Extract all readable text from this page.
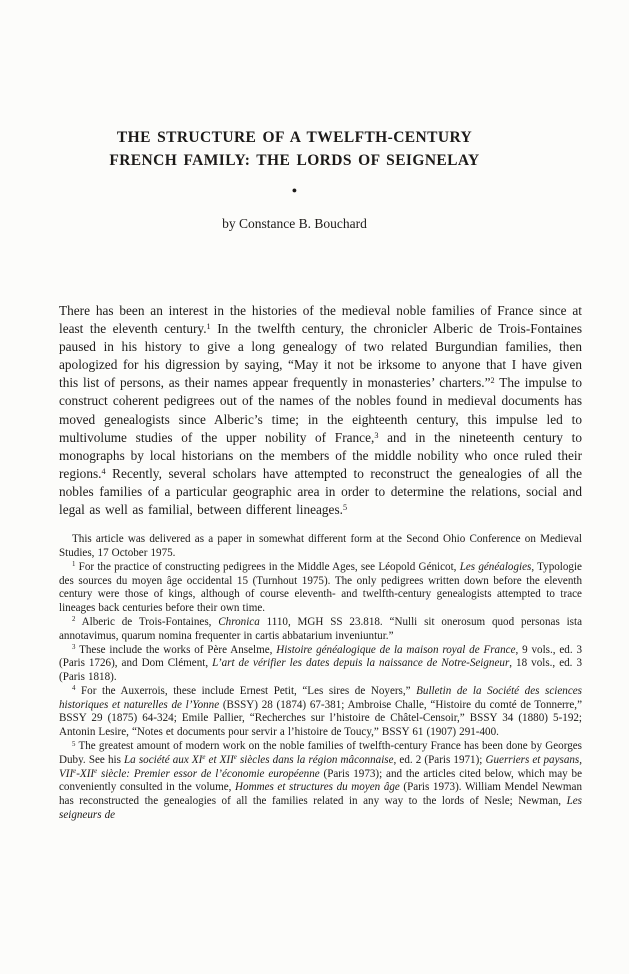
THE STRUCTURE OF A TWELFTH-CENTURY
FRENCH FAMILY: THE LORDS OF SEIGNELAY
●
by Constance B. Bouchard

There has been an interest in the histories of the medieval noble families of France since at least the eleventh century.$^1$ In the twelfth century, the chronicler Alberic de Trois-Fontaines paused in his history to give a long genealogy of two related Burgundian families, then apologized for his digression by saying, “May it not be irksome to anyone that I have given this list of persons, as their names appear frequently in monasteries’ charters.”$^2$ The impulse to construct coherent pedigrees out of the names of the nobles found in medieval documents has moved genealogists since Alberic’s time; in the eighteenth century, this impulse led to multivolume studies of the upper nobility of France,$^3$ and in the nineteenth century to monographs by local historians on the members of the middle nobility who once ruled their regions.$^4$ Recently, several scholars have attempted to reconstruct the genealogies of all the nobles families of a particular geographic area in order to determine the relations, social and legal as well as familial, between different lineages.$^5$

This article was delivered as a paper in somewhat different form at the Second Ohio Conference on Medieval Studies, 17 October 1975.

$^1$ For the practice of constructing pedigrees in the Middle Ages, see Léopold Génicot, Les généalogies, Typologie des sources du moyen âge occidental 15 (Turnhout 1975). The only pedigrees written down before the eleventh century were those of kings, although of course eleventh- and twelfth-century genealogists attempted to trace lineages back centuries before their own time.

$^2$ Alberic de Trois-Fontaines, Chronica 1110, MGH SS 23.818. “Nulli sit onerosum quod personas ista annotavimus, quarum nomina frequenter in cartis abbatarium inveniuntur.”

$^3$ These include the works of Père Anselme, Histoire généalogique de la maison royal de France, 9 vols., ed. 3 (Paris 1726), and Dom Clément, L’art de vérifier les dates depuis la naissance de Notre-Seigneur, 18 vols., ed. 3 (Paris 1818).

$^4$ For the Auxerrois, these include Ernest Petit, “Les sires de Noyers,” Bulletin de la Société des sciences historiques et naturelles de l’Yonne (BSSY) 28 (1874) 67-381; Ambroise Challe, “Histoire du comté de Tonnerre,” BSSY 29 (1875) 64-324; Emile Pallier, “Recherches sur l’histoire de Châtel-Censoir,” BSSY 34 (1880) 5-192; Antonin Lesire, “Notes et documents pour servir a l’histoire de Toucy,” BSSY 61 (1907) 291-400.

$^5$ The greatest amount of modern work on the noble families of twelfth-century France has been done by Georges Duby. See his La société aux XIe et XIIe siècles dans la région mâconnaise, ed. 2 (Paris 1971); Guerriers et paysans, VIIe-XIIe siècle: Premier essor de l’économie européenne (Paris 1973); and the articles cited below, which may be conveniently consulted in the volume, Hommes et structures du moyen âge (Paris 1973). William Mendel Newman has reconstructed the genealogies of all the families related in any way to the lords of Nesle; Newman, Les seigneurs de
